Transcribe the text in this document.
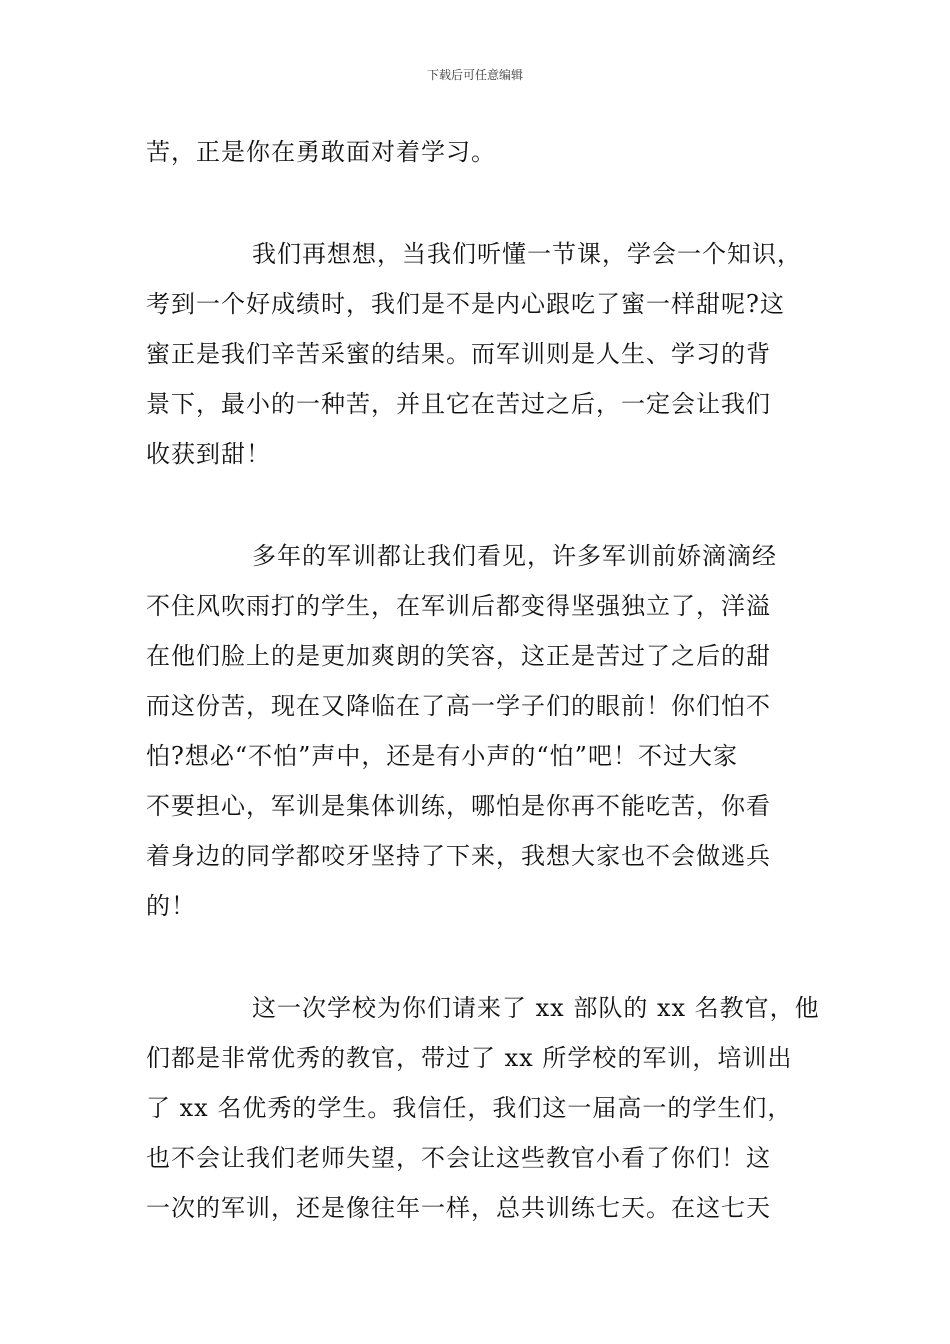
下载后可任意编辑
苦，正是你在勇敢面对着学习。
我们再想想，当我们听懂一节课，学会一个知识，
考到一个好成绩时，我们是不是内心跟吃了蜜一样甜呢?这
蜜正是我们辛苦采蜜的结果。而军训则是人生、学习的背
景下，最小的一种苦，并且它在苦过之后，一定会让我们
收获到甜！
多年的军训都让我们看见，许多军训前娇滴滴经
不住风吹雨打的学生，在军训后都变得坚强独立了，洋溢
在他们脸上的是更加爽朗的笑容，这正是苦过了之后的甜
而这份苦，现在又降临在了高一学子们的眼前！你们怕不
怕?想必“不怕”声中，还是有小声的“怕”吧！不过大家
不要担心，军训是集体训练，哪怕是你再不能吃苦，你看
着身边的同学都咬牙坚持了下来，我想大家也不会做逃兵
的！
这一次学校为你们请来了 xx 部队的 xx 名教官，他
们都是非常优秀的教官，带过了 xx 所学校的军训，培训出
了 xx 名优秀的学生。我信任，我们这一届高一的学生们，
也不会让我们老师失望，不会让这些教官小看了你们！这
一次的军训，还是像往年一样，总共训练七天。在这七天
